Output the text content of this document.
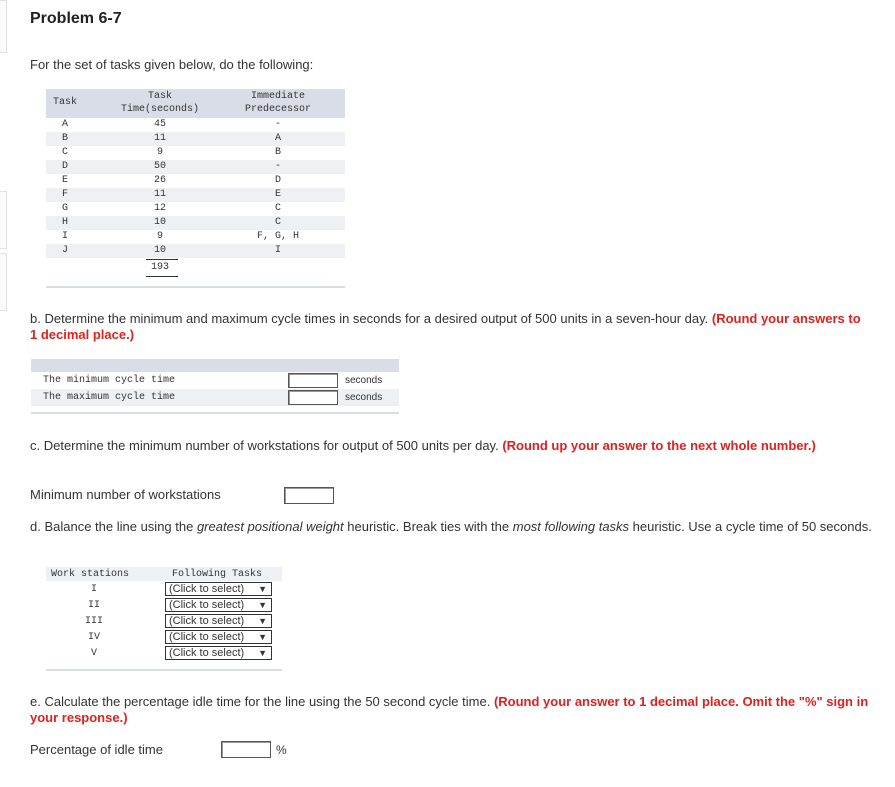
Problem 6-7
For the set of tasks given below, do the following:
Task
Task
Time(seconds)
Immediate
Predecessor
A	45	-
B	11	A
C	9	B
D	50	-
E	26	D
F	11	E
G	12	C
H	10	C
I	9	F, G, H
J	10	I
193
b. Determine the minimum and maximum cycle times in seconds for a desired output of 500 units in a seven-hour day. (Round your answers to 1 decimal place.)
The minimum cycle time	seconds
The maximum cycle time	seconds
c. Determine the minimum number of workstations for output of 500 units per day. (Round up your answer to the next whole number.)
Minimum number of workstations
d. Balance the line using the greatest positional weight heuristic. Break ties with the most following tasks heuristic. Use a cycle time of 50 seconds.
Work stations	Following Tasks
I	(Click to select) ▼
II	(Click to select) ▼
III	(Click to select) ▼
IV	(Click to select) ▼
V	(Click to select) ▼
e. Calculate the percentage idle time for the line using the 50 second cycle time. (Round your answer to 1 decimal place. Omit the "%" sign in your response.)
Percentage of idle time	%
